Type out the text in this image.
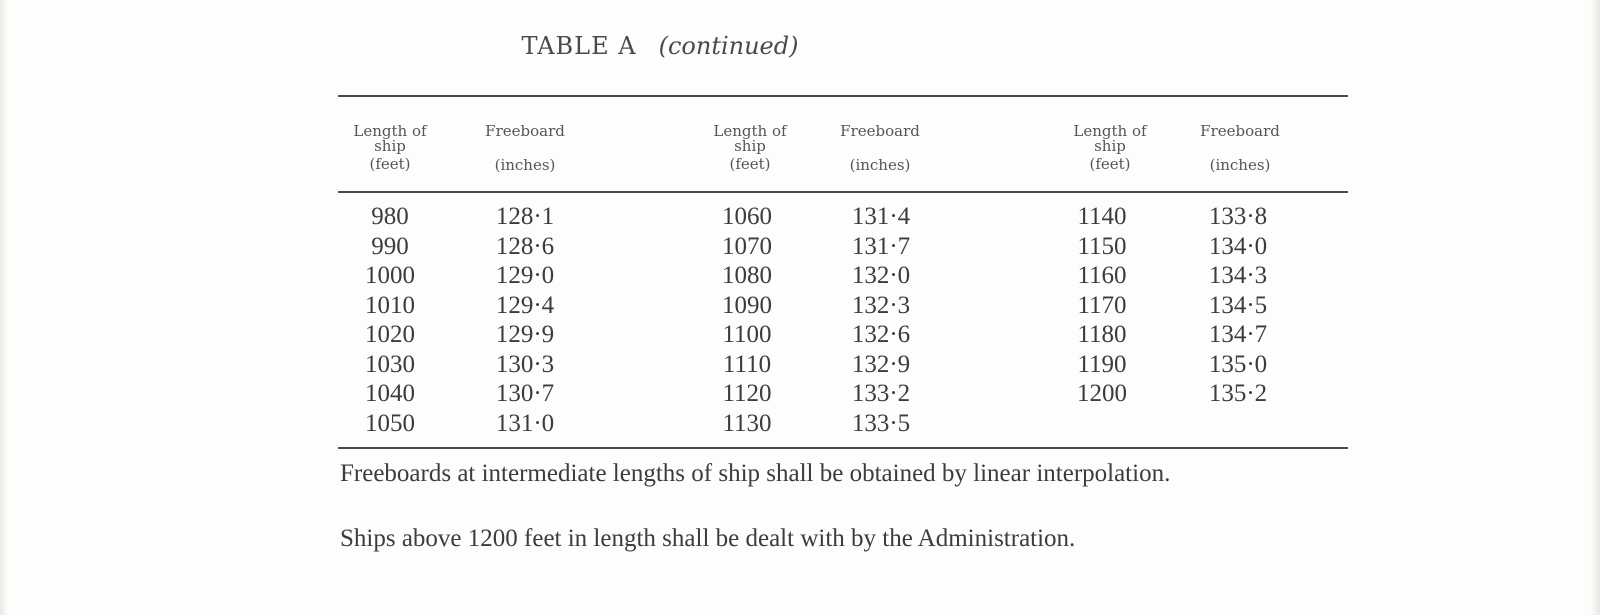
TABLE A (continued)
Length of
ship
(feet)
Freeboard
(inches)
Length of
ship
(feet)
Freeboard
(inches)
Length of
ship
(feet)
Freeboard
(inches)
980
990
1000
1010
1020
1030
1040
1050
128·1
128·6
129·0
129·4
129·9
130·3
130·7
131·0
1060
1070
1080
1090
1100
1110
1120
1130
131·4
131·7
132·0
132·3
132·6
132·9
133·2
133·5
1140
1150
1160
1170
1180
1190
1200
133·8
134·0
134·3
134·5
134·7
135·0
135·2
Freeboards at intermediate lengths of ship shall be obtained by linear interpolation.
Ships above 1200 feet in length shall be dealt with by the Administration.
